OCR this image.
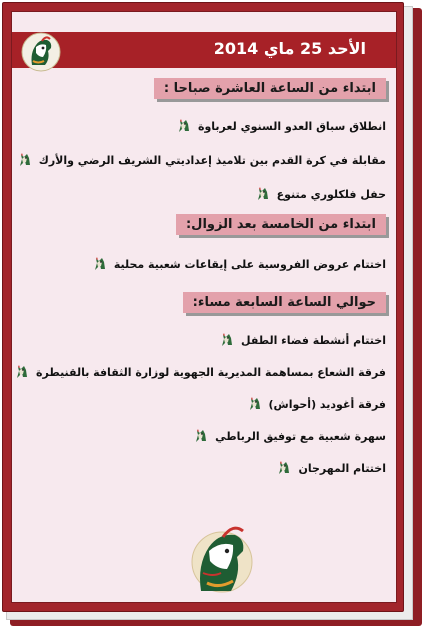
الأحد 25 ماي 2014
ابتداء من الساعة العاشرة صباحا :
انطلاق سباق العدو السنوي لعرباوة
مقابلة في كرة القدم بين تلاميذ إعداديتي الشريف الرضي والأرك
حفل فلكلوري متنوع
ابتداء من الخامسة بعد الزوال:
اختتام عروض الفروسية على إيقاعات شعبية محلية
حوالي الساعة السابعة مساء:
اختتام أنشطة فضاء الطفل
فرقة الشعاع بمساهمة المديرية الجهوية لوزارة الثقافة بالقنيطرة
فرقة أغوديد (أحواش)
سهرة شعبية مع توفيق الرباطي
اختتام المهرجان
